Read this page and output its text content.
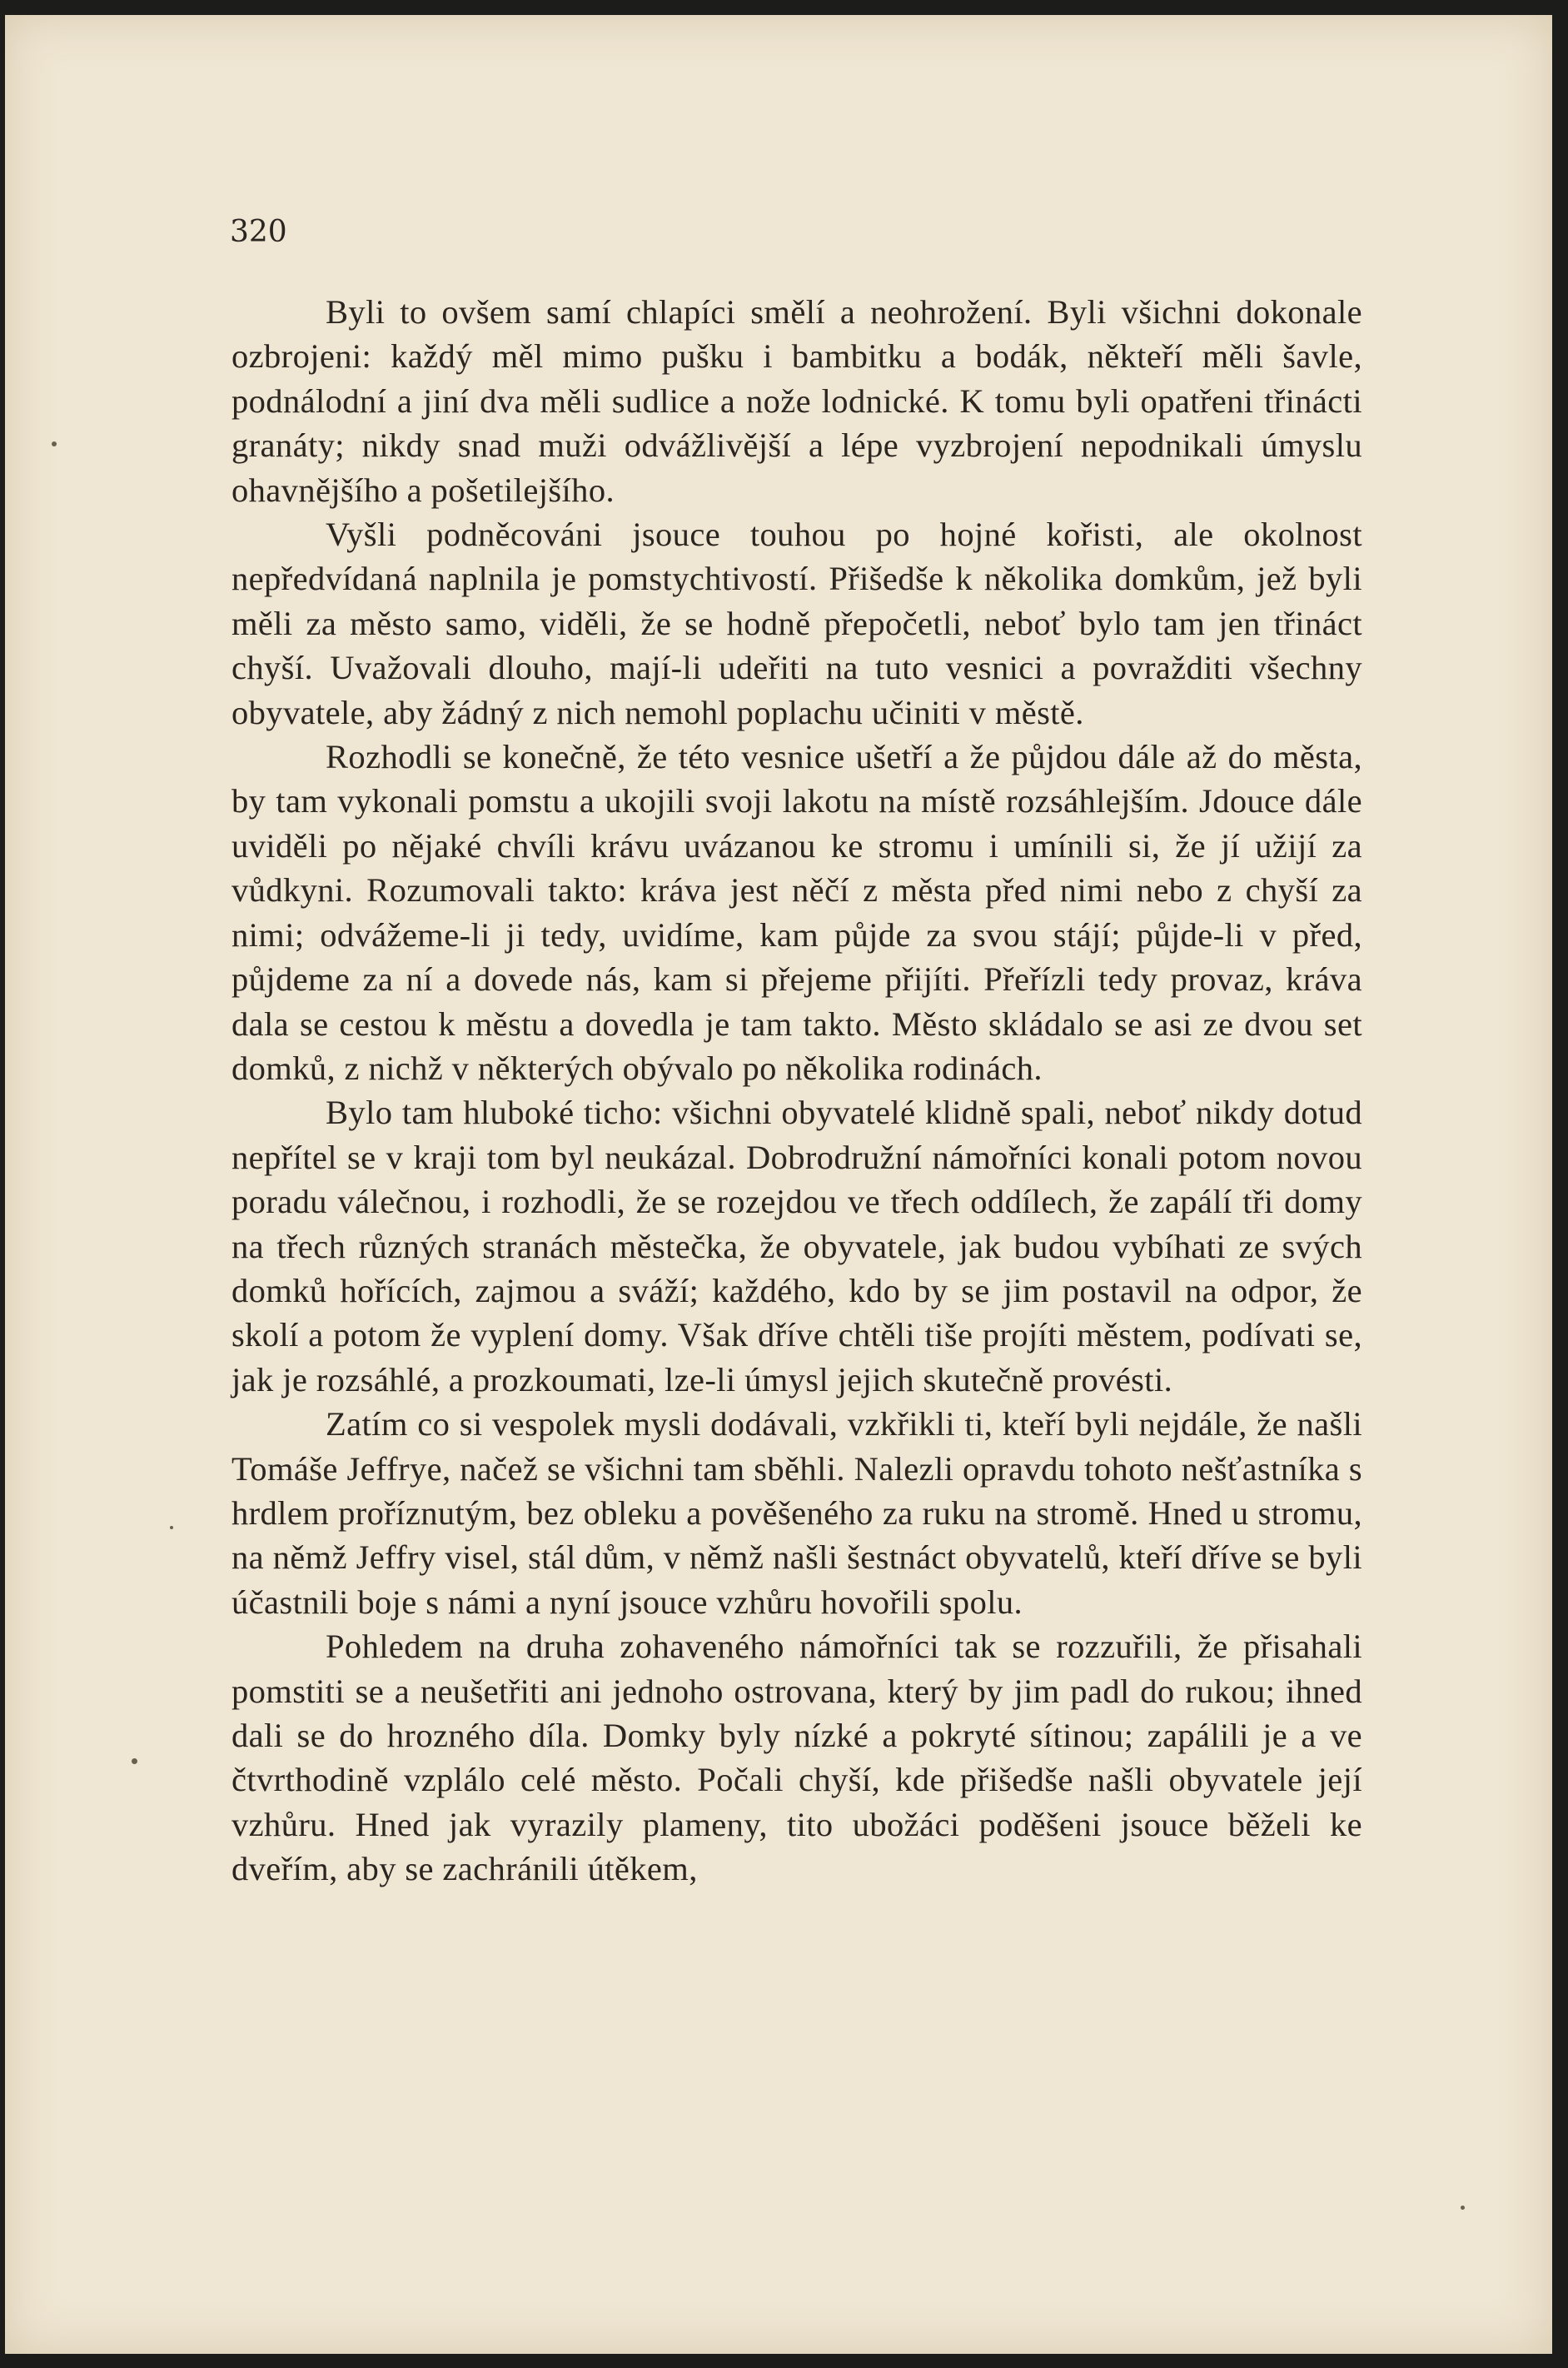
320

Byli to ovšem samí chlapíci smělí a neohrožení. Byli všichni dokonale ozbrojeni: každý měl mimo pušku i bambitku a bodák, někteří měli šavle, podnálodní a jiní dva měli sudlice a nože lodnické. K tomu byli opatřeni třinácti granáty; nikdy snad muži odvážlivější a lépe vyzbrojení nepodnikali úmyslu ohavnějšího a pošetilejšího.

Vyšli podněcováni jsouce touhou po hojné kořisti, ale okolnost nepředvídaná naplnila je pomstychtivostí. Přišedše k několika domkům, jež byli měli za město samo, viděli, že se hodně přepočetli, neboť bylo tam jen třináct chyší. Uvažovali dlouho, mají-li udeřiti na tuto vesnici a povražditi všechny obyvatele, aby žádný z nich nemohl poplachu učiniti v městě.

Rozhodli se konečně, že této vesnice ušetří a že půjdou dále až do města, by tam vykonali pomstu a ukojili svoji lakotu na místě rozsáhlejším. Jdouce dále uviděli po nějaké chvíli krávu uvázanou ke stromu i umínili si, že jí užijí za vůdkyni. Rozumovali takto: kráva jest něčí z města před nimi nebo z chyší za nimi; odvážeme-li ji tedy, uvidíme, kam půjde za svou stájí; půjde-li v před, půjdeme za ní a dovede nás, kam si přejeme přijíti. Přeřízli tedy provaz, kráva dala se cestou k městu a dovedla je tam takto. Město skládalo se asi ze dvou set domků, z nichž v některých obývalo po několika rodinách.

Bylo tam hluboké ticho: všichni obyvatelé klidně spali, neboť nikdy dotud nepřítel se v kraji tom byl neukázal. Dobrodružní námořníci konali potom novou poradu válečnou, i rozhodli, že se rozejdou ve třech oddílech, že zapálí tři domy na třech různých stranách městečka, že obyvatele, jak budou vybíhati ze svých domků hořících, zajmou a sváží; každého, kdo by se jim postavil na odpor, že skolí a potom že vyplení domy. Však dříve chtěli tiše projíti městem, podívati se, jak je rozsáhlé, a prozkoumati, lze-li úmysl jejich skutečně provésti.

Zatím co si vespolek mysli dodávali, vzkřikli ti, kteří byli nejdále, že našli Tomáše Jeffrye, načež se všichni tam sběhli. Nalezli opravdu tohoto nešťastníka s hrdlem proříznutým, bez obleku a pověšeného za ruku na stromě. Hned u stromu, na němž Jeffry visel, stál dům, v němž našli šestnáct obyvatelů, kteří dříve se byli účastnili boje s námi a nyní jsouce vzhůru hovořili spolu.

Pohledem na druha zohaveného námořníci tak se rozzuřili, že přisahali pomstiti se a neušetřiti ani jednoho ostrovana, který by jim padl do rukou; ihned dali se do hrozného díla. Domky byly nízké a pokryté sítinou; zapálili je a ve čtvrthodině vzplálo celé město. Počali chyší, kde přišedše našli obyvatele její vzhůru. Hned jak vyrazily plameny, tito ubožáci poděšeni jsouce běželi ke dveřím, aby se zachránili útěkem,
